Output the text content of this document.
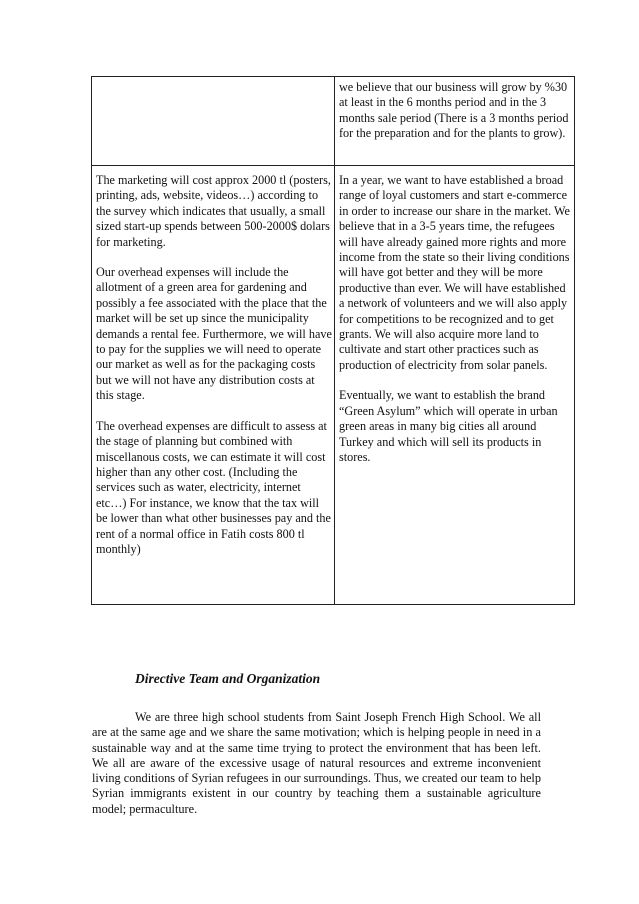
we believe that our business will grow by %30 at least in the 6 months period and in the 3 months sale period (There is a 3 months period for the preparation and for the plants to grow).

The marketing will cost approx 2000 tl (posters, printing, ads, website, videos…) according to the survey which indicates that usually, a small sized start-up spends between 500-2000$ dolars for marketing.

Our overhead expenses will include the allotment of a green area for gardening and possibly a fee associated with the place that the market will be set up since the municipality demands a rental fee. Furthermore, we will have to pay for the supplies we will need to operate our market as well as for the packaging costs but we will not have any distribution costs at this stage.

The overhead expenses are difficult to assess at the stage of planning but combined with miscellanous costs, we can estimate it will cost higher than any other cost. (Including the services such as water, electricity, internet etc…) For instance, we know that the tax will be lower than what other businesses pay and the rent of a normal office in Fatih costs 800 tl monthly)

In a year, we want to have established a broad range of loyal customers and start e-commerce in order to increase our share in the market. We believe that in a 3-5 years time, the refugees will have already gained more rights and more income from the state so their living conditions will have got better and they will be more productive than ever. We will have established a network of volunteers and we will also apply for competitions to be recognized and to get grants. We will also acquire more land to cultivate and start other practices such as production of electricity from solar panels.

Eventually, we want to establish the brand “Green Asylum” which will operate in urban green areas in many big cities all around Turkey and which will sell its products in stores.

Directive Team and Organization

We are three high school students from Saint Joseph French High School. We all are at the same age and we share the same motivation; which is helping people in need in a sustainable way and at the same time trying to protect the environment that has been left. We all are aware of the excessive usage of natural resources and extreme inconvenient living conditions of Syrian refugees in our surroundings. Thus, we created our team to help Syrian immigrants existent in our country by teaching them a sustainable agriculture model; permaculture.
